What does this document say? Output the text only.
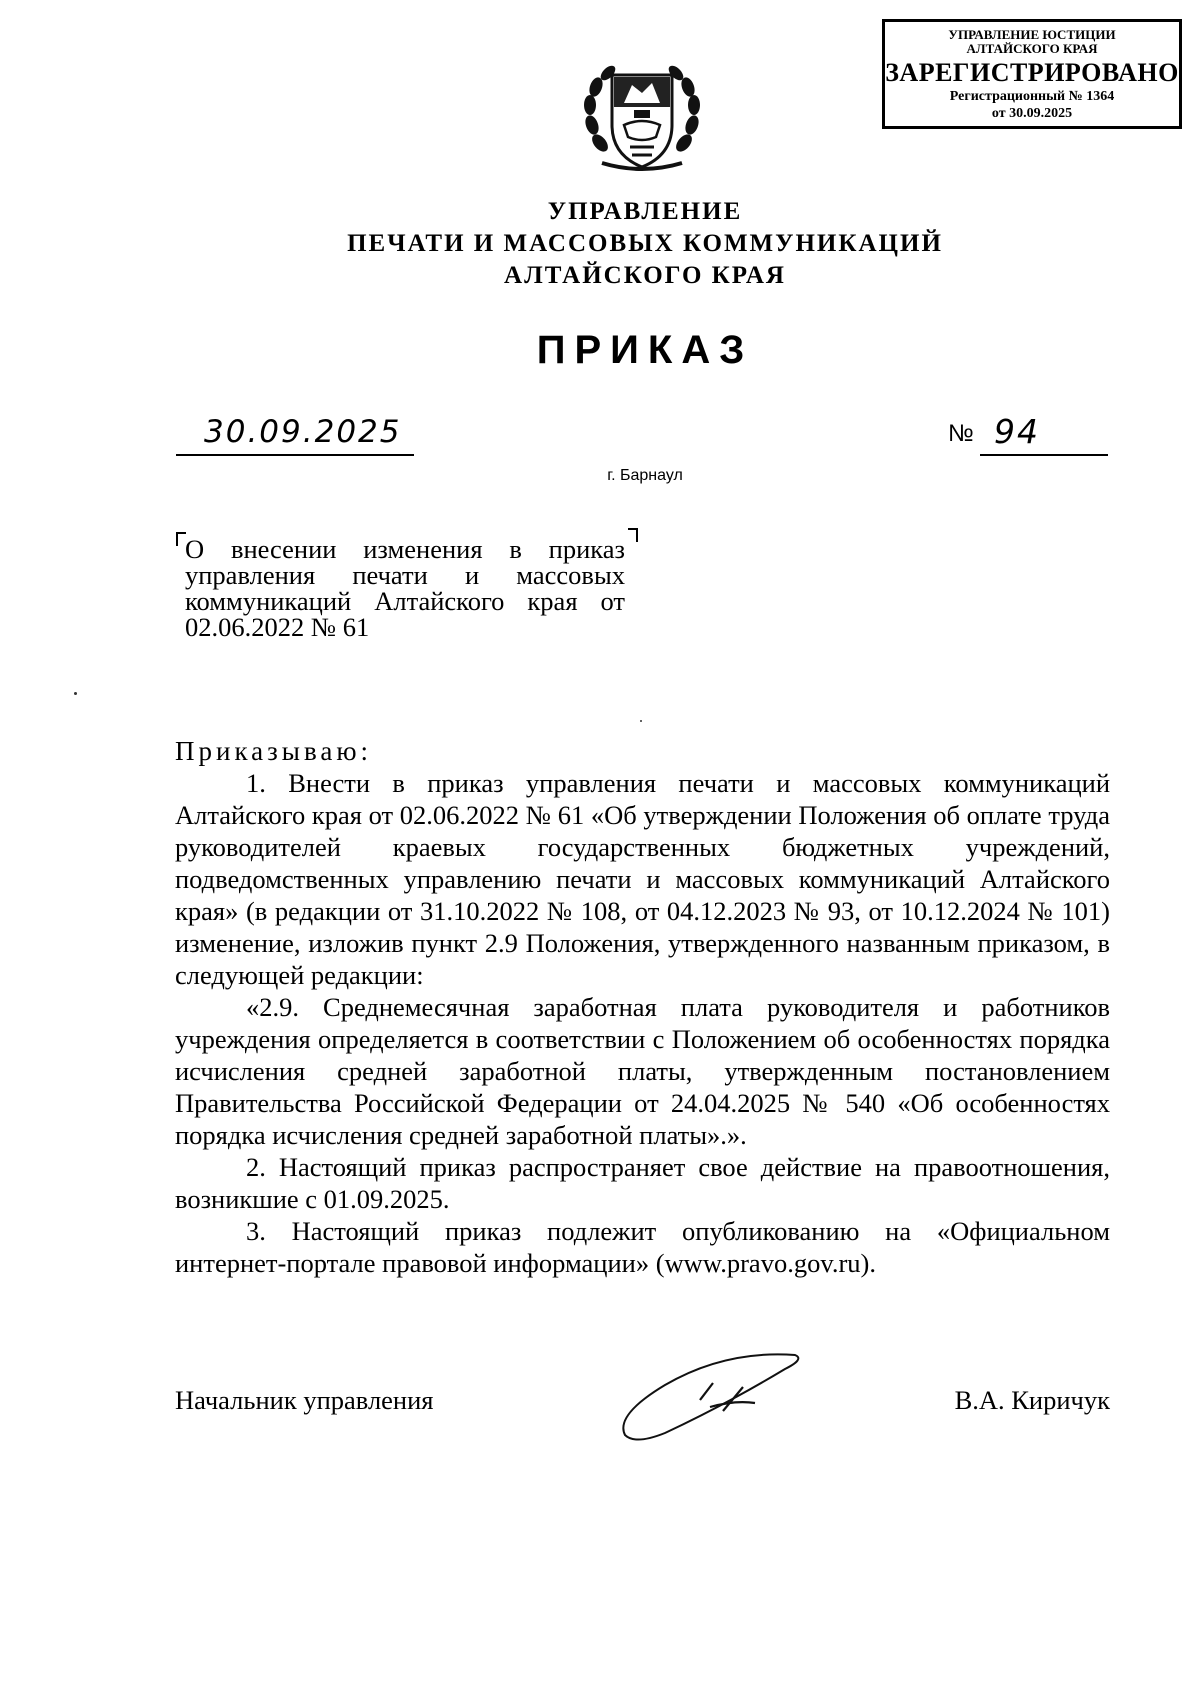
УПРАВЛЕНИЕ ЮСТИЦИИ
АЛТАЙСКОГО КРАЯ
ЗАРЕГИСТРИРОВАНО
Регистрационный № 1364
от 30.09.2025
УПРАВЛЕНИЕ
ПЕЧАТИ И МАССОВЫХ КОММУНИКАЦИЙ
АЛТАЙСКОГО КРАЯ
ПРИКАЗ
30.09.2025	№ 94
г. Барнаул
О внесении изменения в приказ управления печати и массовых коммуникаций Алтайского края от 02.06.2022 № 61

Приказываю:

1. Внести в приказ управления печати и массовых коммуникаций Алтайского края от 02.06.2022 № 61 «Об утверждении Положения об оплате труда руководителей краевых государственных бюджетных учреждений, подведомственных управлению печати и массовых коммуникаций Алтайского края» (в редакции от 31.10.2022 № 108, от 04.12.2023 № 93, от 10.12.2024 № 101) изменение, изложив пункт 2.9 Положения, утвержденного названным приказом, в следующей редакции:

«2.9. Среднемесячная заработная плата руководителя и работников учреждения определяется в соответствии с Положением об особенностях порядка исчисления средней заработной платы, утвержденным постановлением Правительства Российской Федерации от 24.04.2025 № 540 «Об особенностях порядка исчисления средней заработной платы».».

2. Настоящий приказ распространяет свое действие на правоотношения, возникшие с 01.09.2025.

3. Настоящий приказ подлежит опубликованию на «Официальном интернет-портале правовой информации» (www.pravo.gov.ru).

Начальник управления	В.А. Киричук
